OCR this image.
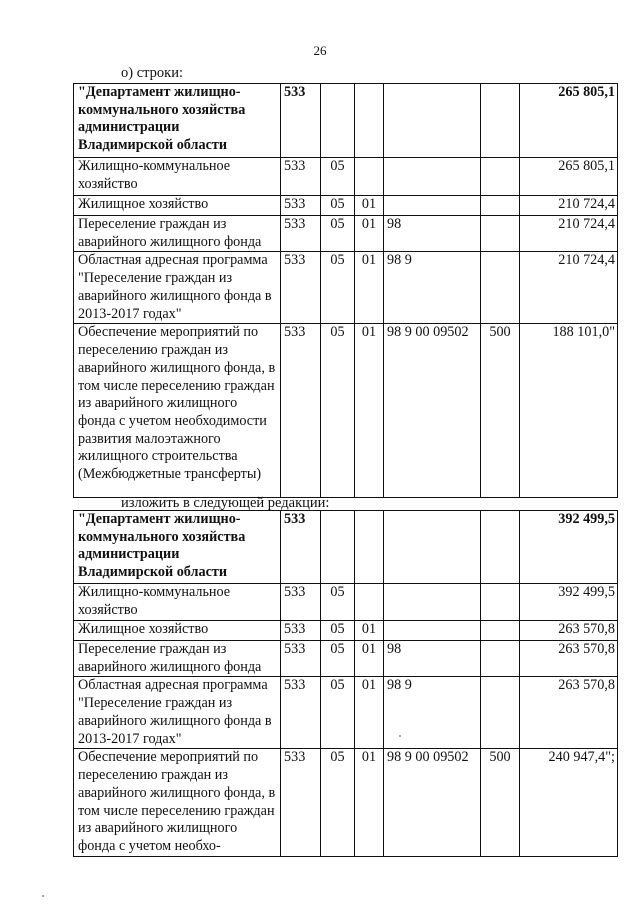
26
о) строки:
"Департамент жилищно-коммунального хозяйства администрации Владимирской области	533					265 805,1
Жилищно-коммунальное хозяйство	533	05				265 805,1
Жилищное хозяйство	533	05	01			210 724,4
Переселение граждан из аварийного жилищного фонда	533	05	01	98		210 724,4
Областная адресная программа "Переселение граждан из аварийного жилищного фонда в 2013-2017 годах"	533	05	01	98 9		210 724,4
Обеспечение мероприятий по переселению граждан из аварийного жилищного фонда, в том числе переселению граждан из аварийного жилищного фонда с учетом необходимости развития малоэтажного жилищного строительства (Межбюджетные трансферты)	533	05	01	98 9 00 09502	500	188 101,0"
изложить в следующей редакции:
"Департамент жилищно-коммунального хозяйства администрации Владимирской области	533					392 499,5
Жилищно-коммунальное хозяйство	533	05				392 499,5
Жилищное хозяйство	533	05	01			263 570,8
Переселение граждан из аварийного жилищного фонда	533	05	01	98		263 570,8
Областная адресная программа "Переселение граждан из аварийного жилищного фонда в 2013-2017 годах"	533	05	01	98 9		263 570,8
Обеспечение мероприятий по переселению граждан из аварийного жилищного фонда, в том числе переселению граждан из аварийного жилищного фонда с учетом необхо-	533	05	01	98 9 00 09502	500	240 947,4";
